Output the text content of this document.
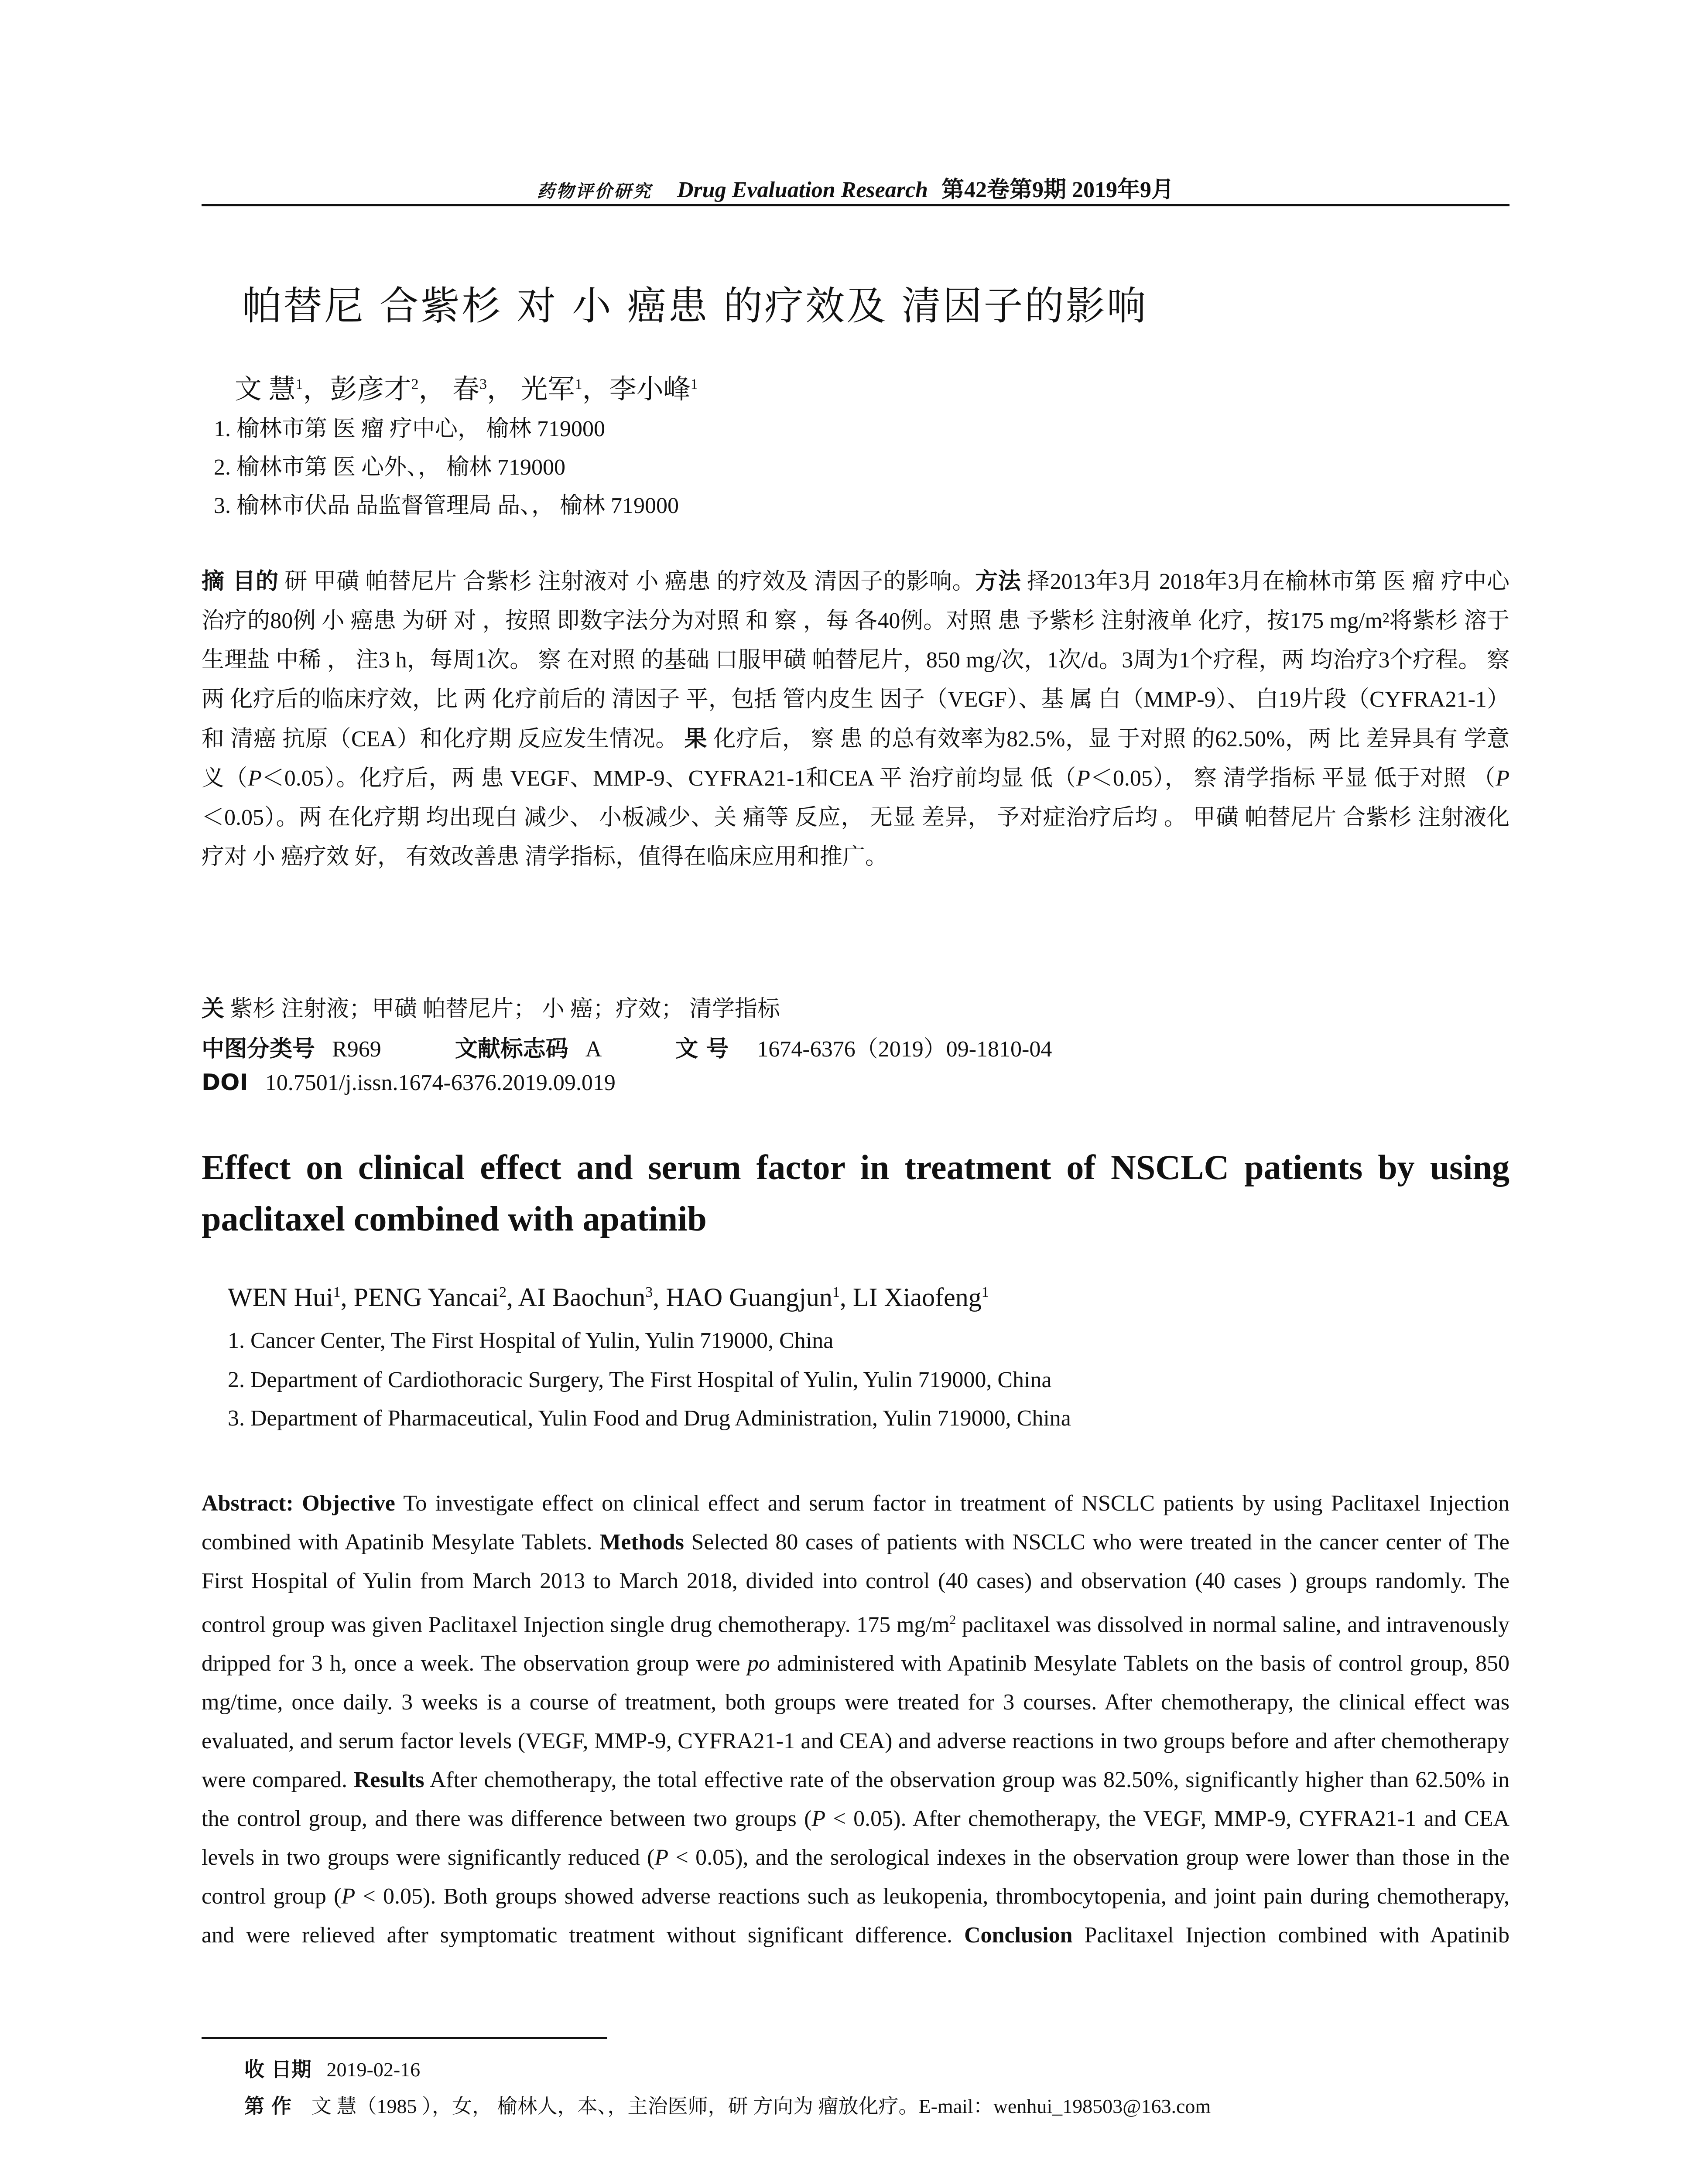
药物评价研究 Drug Evaluation Research 第42卷第9期 2019年9月
帕替尼 合紫杉 对 小 癌患 的疗效及 清因子的影响
文 慧$^1$，彭彦才$^2$， 春$^3$， 光军$^1$，李小峰$^1$
1. 榆林市第 医 瘤 疗中心， 榆林 719000
2. 榆林市第 医 心外、， 榆林 719000
3. 榆林市伏品 品监督管理局 品、， 榆林 719000
摘 目的 研 甲磺 帕替尼片 合紫杉 注射液对 小 癌患 的疗效及 清因子的影响。方法 择2013年3月 2018年3月在榆林市第 医 瘤 疗中心治疗的80例 小 癌患 为研 对 ，按照 即数字法分为对照 和 察 ，每 各40例。对照 患 予紫杉 注射液单 化疗，按175 mg/m²将紫杉 溶于生理盐 中稀 ， 注3 h，每周1次。 察 在对照 的基础 口服甲磺 帕替尼片，850 mg/次，1次/d。3周为1个疗程，两 均治疗3个疗程。 察两 化疗后的临床疗效，比 两 化疗前后的 清因子 平，包括 管内皮生 因子（VEGF）、基 属 白（MMP-9）、 白19片段（CYFRA21-1）和 清癌 抗原（CEA）和化疗期 反应发生情况。 果 化疗后， 察 患 的总有效率为82.5%，显 于对照 的62.50%，两 比 差异具有 学意义（P＜0.05）。化疗后，两 患 VEGF、MMP-9、CYFRA21-1和CEA 平 治疗前均显 低（P＜0.05）， 察 清学指标 平显 低于对照 （P＜0.05）。两 在化疗期 均出现白 减少、 小板减少、关 痛等 反应， 无显 差异， 予对症治疗后均 。 甲磺 帕替尼片 合紫杉 注射液化疗对 小 癌疗效 好， 有效改善患 清学指标，值得在临床应用和推广。
关 紫杉 注射液；甲磺 帕替尼片； 小 癌；疗效； 清学指标
中图分类号 R969	文献标志码 A	文 号 1674-6376（2019）09-1810-04
DOI 10.7501/j.issn.1674-6376.2019.09.019
Effect on clinical effect and serum factor in treatment of NSCLC patients by using paclitaxel combined with apatinib
WEN Hui$^1$, PENG Yancai$^2$, AI Baochun$^3$, HAO Guangjun$^1$, LI Xiaofeng$^1$
1. Cancer Center, The First Hospital of Yulin, Yulin 719000, China
2. Department of Cardiothoracic Surgery, The First Hospital of Yulin, Yulin 719000, China
3. Department of Pharmaceutical, Yulin Food and Drug Administration, Yulin 719000, China
Abstract: Objective To investigate effect on clinical effect and serum factor in treatment of NSCLC patients by using Paclitaxel Injection combined with Apatinib Mesylate Tablets. Methods Selected 80 cases of patients with NSCLC who were treated in the cancer center of The First Hospital of Yulin from March 2013 to March 2018, divided into control (40 cases) and observation (40 cases ) groups randomly. The control group was given Paclitaxel Injection single drug chemotherapy. 175 $mg/m^2$ paclitaxel was dissolved in normal saline, and intravenously dripped for 3 h, once a week. The observation group were po administered with Apatinib Mesylate Tablets on the basis of control group, 850 mg/time, once daily. 3 weeks is a course of treatment, both groups were treated for 3 courses. After chemotherapy, the clinical effect was evaluated, and serum factor levels (VEGF, MMP-9, CYFRA21-1 and CEA) and adverse reactions in two groups before and after chemotherapy were compared. Results After chemotherapy, the total effective rate of the observation group was 82.50%, significantly higher than 62.50% in the control group, and there was difference between two groups (P < 0.05). After chemotherapy, the VEGF, MMP-9, CYFRA21-1 and CEA levels in two groups were significantly reduced (P < 0.05), and the serological indexes in the observation group were lower than those in the control group (P < 0.05). Both groups showed adverse reactions such as leukopenia, thrombocytopenia, and joint pain during chemotherapy, and were relieved after symptomatic treatment without significant difference. Conclusion Paclitaxel Injection combined with Apatinib
收 日期 2019-02-16
第 作 文 慧（1985 ），女， 榆林人，本、，主治医师，研 方向为 瘤放化疗。E-mail：wenhui_198503@163.com
